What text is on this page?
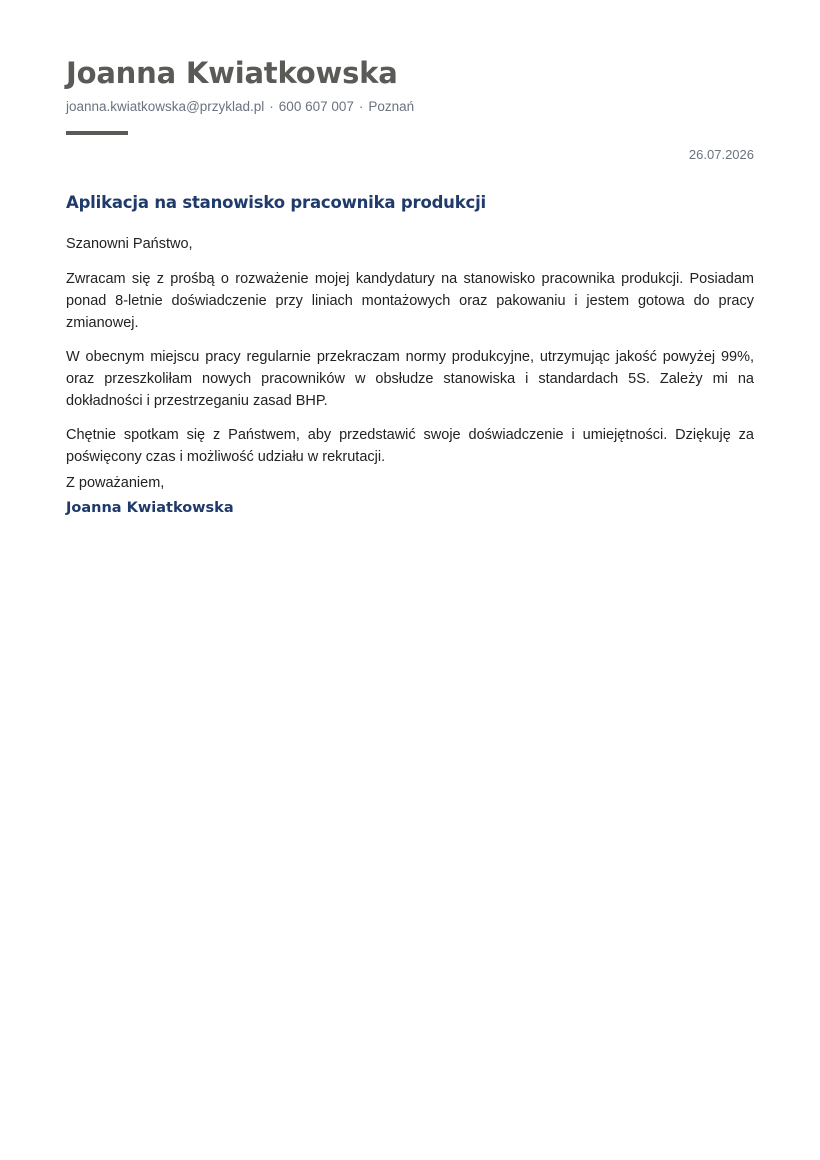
Joanna Kwiatkowska
joanna.kwiatkowska@przyklad.pl · 600 607 007 · Poznań
26.07.2026
Aplikacja na stanowisko pracownika produkcji
Szanowni Państwo,

Zwracam się z prośbą o rozważenie mojej kandydatury na stanowisko pracownika produkcji. Posiadam ponad 8-letnie doświadczenie przy liniach montażowych oraz pakowaniu i jestem gotowa do pracy zmianowej.

W obecnym miejscu pracy regularnie przekraczam normy produkcyjne, utrzymując jakość powyżej 99%, oraz przeszkoliłam nowych pracowników w obsłudze stanowiska i standardach 5S. Zależy mi na dokładności i przestrzeganiu zasad BHP.

Chętnie spotkam się z Państwem, aby przedstawić swoje doświadczenie i umiejętności. Dziękuję za poświęcony czas i możliwość udziału w rekrutacji.

Z poważaniem,
Joanna Kwiatkowska
